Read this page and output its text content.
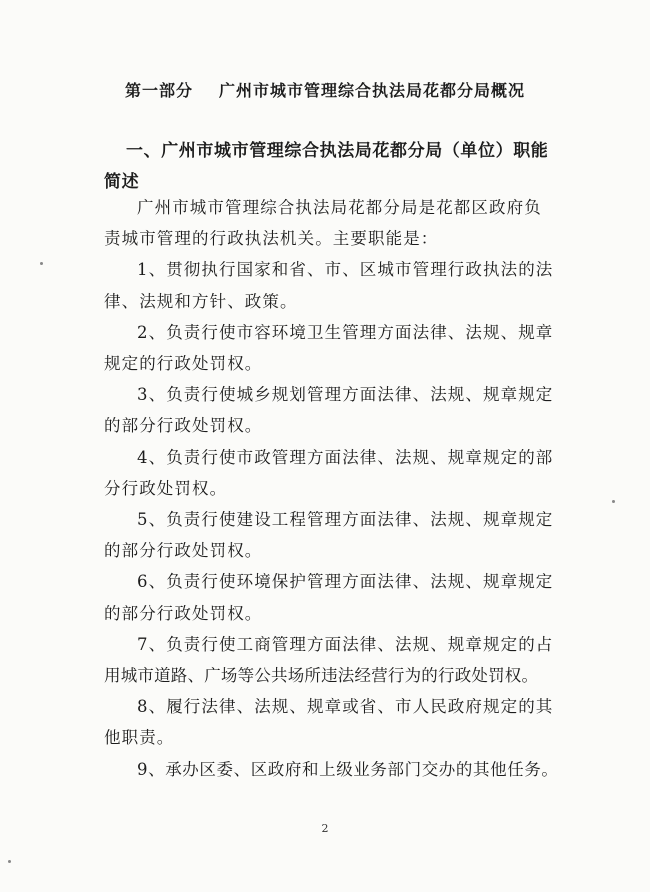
第一部分 广州市城市管理综合执法局花都分局概况
一、广州市城市管理综合执法局花都分局（单位）职能
简述

广州市城市管理综合执法局花都分局是花都区政府负
责城市管理的行政执法机关。主要职能是：

1、贯彻执行国家和省、市、区城市管理行政执法的法
律、法规和方针、政策。

2、负责行使市容环境卫生管理方面法律、法规、规章
规定的行政处罚权。

3、负责行使城乡规划管理方面法律、法规、规章规定
的部分行政处罚权。

4、负责行使市政管理方面法律、法规、规章规定的部
分行政处罚权。

5、负责行使建设工程管理方面法律、法规、规章规定
的部分行政处罚权。

6、负责行使环境保护管理方面法律、法规、规章规定
的部分行政处罚权。

7、负责行使工商管理方面法律、法规、规章规定的占
用城市道路、广场等公共场所违法经营行为的行政处罚权。

8、履行法律、法规、规章或省、市人民政府规定的其
他职责。

9、承办区委、区政府和上级业务部门交办的其他任务。

2
